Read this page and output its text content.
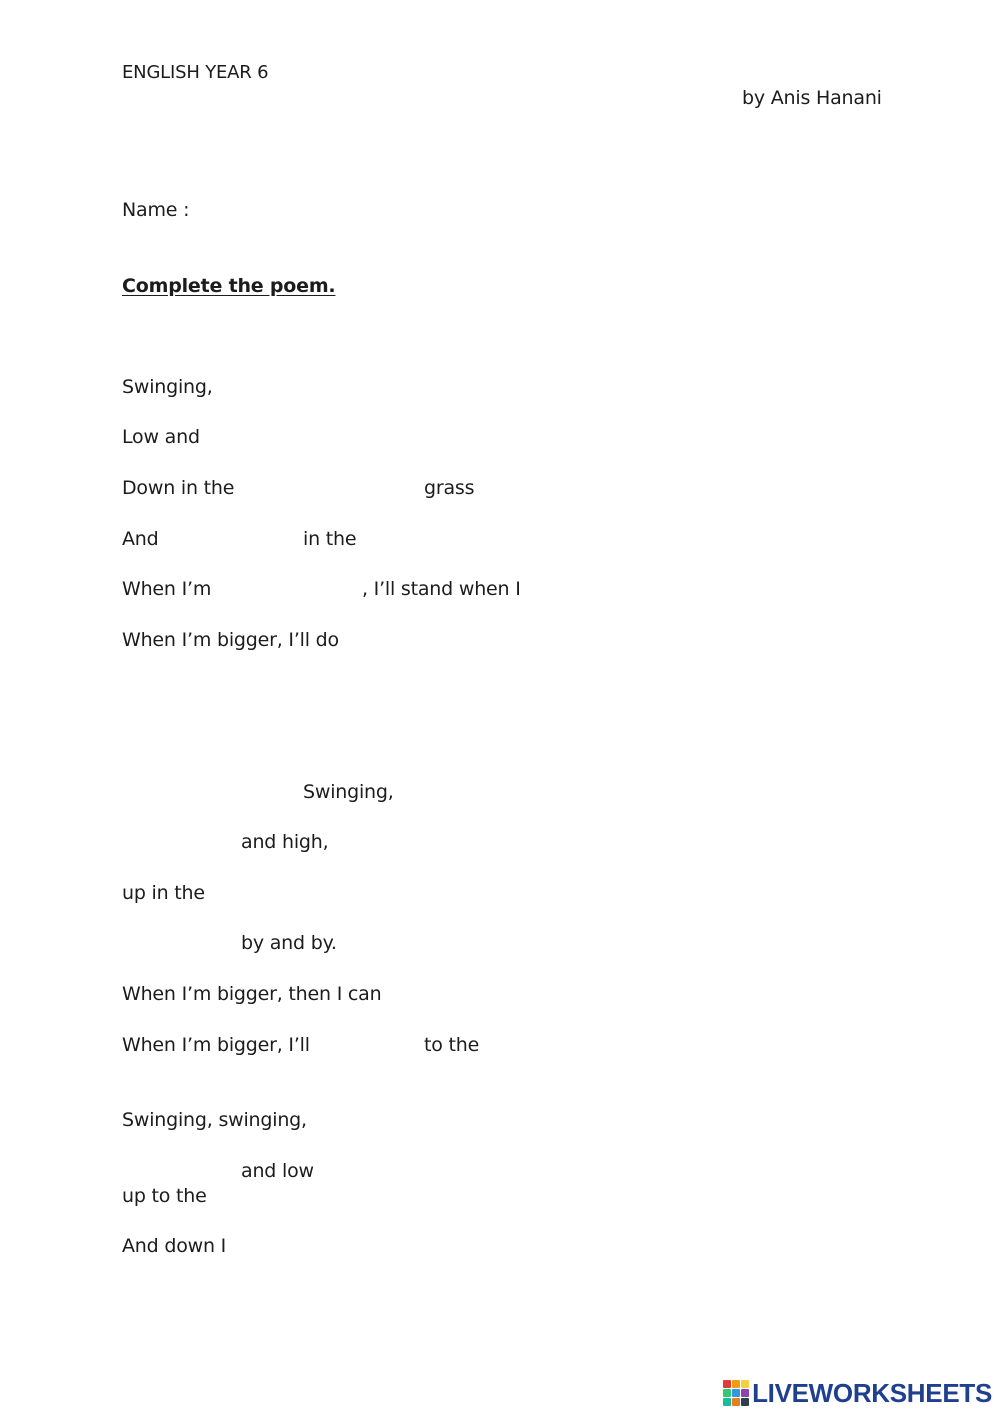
ENGLISH YEAR 6
by Anis Hanani
Name :
Complete the poem.
Swinging,
Low and
Down in the	grass
And	in the
When I’m	, I’ll stand when I
When I’m bigger, I’ll do
Swinging,
and high,
up in the
by and by.
When I’m bigger, then I can
When I’m bigger, I’ll	to the
Swinging, swinging,
and low
up to the
And down I
LIVEWORKSHEETS
